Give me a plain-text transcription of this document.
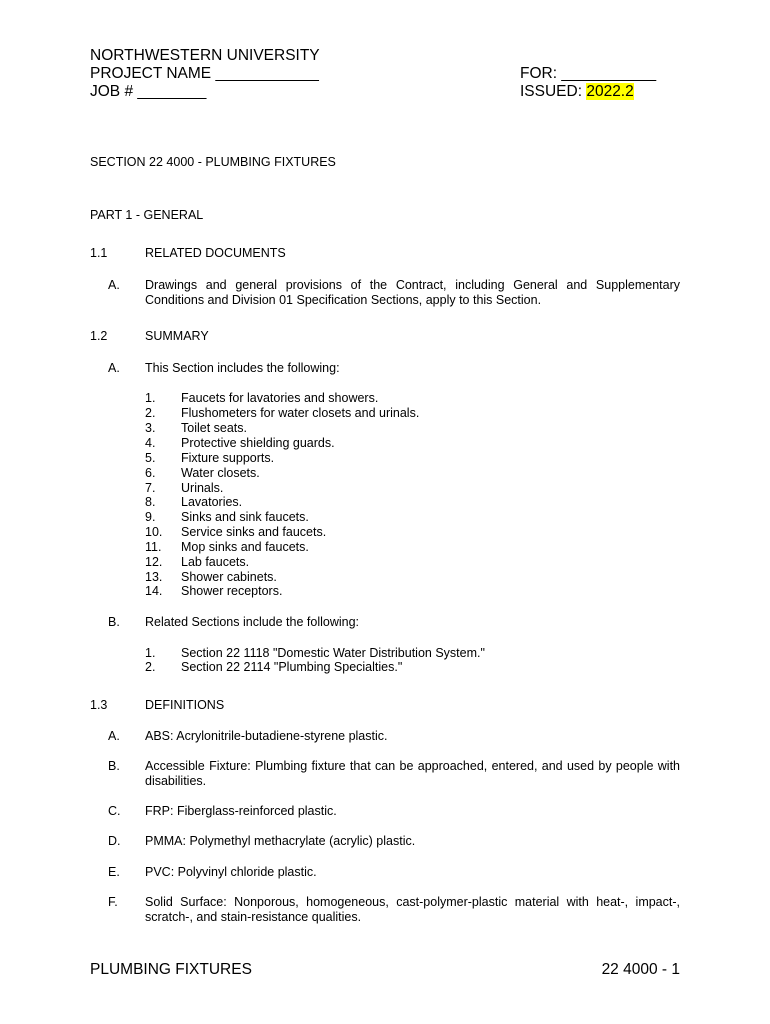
NORTHWESTERN UNIVERSITY
PROJECT NAME ____________
JOB # ________
FOR: ___________
ISSUED: 2022.2
SECTION 22 4000 - PLUMBING FIXTURES
PART 1 - GENERAL
1.1	RELATED DOCUMENTS
A. Drawings and general provisions of the Contract, including General and Supplementary
Conditions and Division 01 Specification Sections, apply to this Section.
1.2	SUMMARY
A. This Section includes the following:
1. Faucets for lavatories and showers.
2. Flushometers for water closets and urinals.
3. Toilet seats.
4. Protective shielding guards.
5. Fixture supports.
6. Water closets.
7. Urinals.
8. Lavatories.
9. Sinks and sink faucets.
10. Service sinks and faucets.
11. Mop sinks and faucets.
12. Lab faucets.
13. Shower cabinets.
14. Shower receptors.
B. Related Sections include the following:
1. Section 22 1118 "Domestic Water Distribution System."
2. Section 22 2114 "Plumbing Specialties."
1.3	DEFINITIONS
A. ABS: Acrylonitrile-butadiene-styrene plastic.
B. Accessible Fixture: Plumbing fixture that can be approached, entered, and used by people with
disabilities.
C. FRP: Fiberglass-reinforced plastic.
D. PMMA: Polymethyl methacrylate (acrylic) plastic.
E. PVC: Polyvinyl chloride plastic.
F. Solid Surface: Nonporous, homogeneous, cast-polymer-plastic material with heat-, impact-,
scratch-, and stain-resistance qualities.
PLUMBING FIXTURES	22 4000 - 1
